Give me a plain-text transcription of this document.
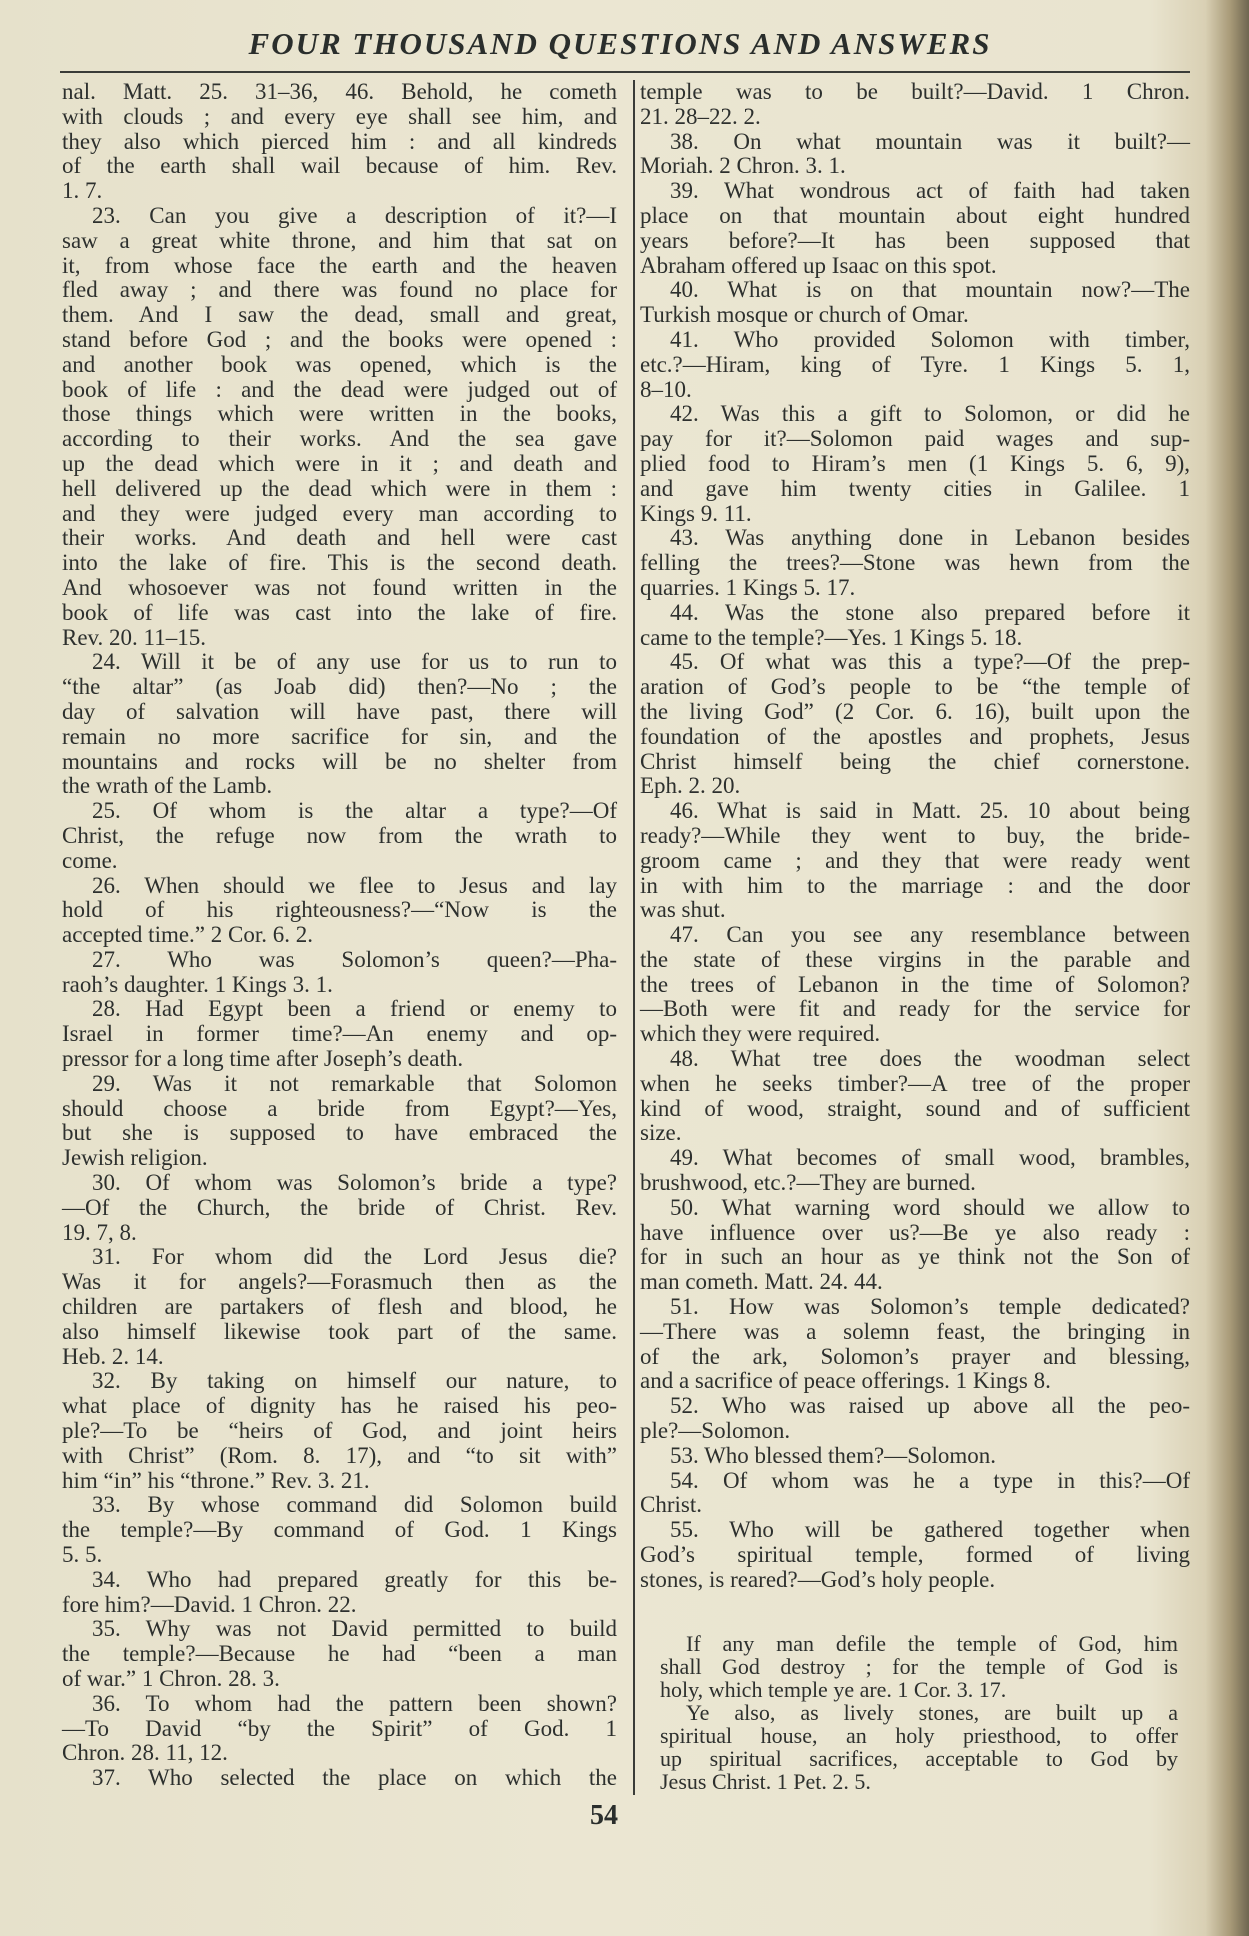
FOUR THOUSAND QUESTIONS AND ANSWERS
nal. Matt. 25. 31–36, 46. Behold, he cometh
with clouds ; and every eye shall see him, and
they also which pierced him : and all kindreds
of the earth shall wail because of him. Rev.
1. 7.
23. Can you give a description of it?—I
saw a great white throne, and him that sat on
it, from whose face the earth and the heaven
fled away ; and there was found no place for
them. And I saw the dead, small and great,
stand before God ; and the books were opened :
and another book was opened, which is the
book of life : and the dead were judged out of
those things which were written in the books,
according to their works. And the sea gave
up the dead which were in it ; and death and
hell delivered up the dead which were in them :
and they were judged every man according to
their works. And death and hell were cast
into the lake of fire. This is the second death.
And whosoever was not found written in the
book of life was cast into the lake of fire.
Rev. 20. 11–15.
24. Will it be of any use for us to run to
“the altar” (as Joab did) then?—No ; the
day of salvation will have past, there will
remain no more sacrifice for sin, and the
mountains and rocks will be no shelter from
the wrath of the Lamb.
25. Of whom is the altar a type?—Of
Christ, the refuge now from the wrath to
come.
26. When should we flee to Jesus and lay
hold of his righteousness?—“Now is the
accepted time.” 2 Cor. 6. 2.
27. Who was Solomon’s queen?—Pha-
raoh’s daughter. 1 Kings 3. 1.
28. Had Egypt been a friend or enemy to
Israel in former time?—An enemy and op-
pressor for a long time after Joseph’s death.
29. Was it not remarkable that Solomon
should choose a bride from Egypt?—Yes,
but she is supposed to have embraced the
Jewish religion.
30. Of whom was Solomon’s bride a type?
—Of the Church, the bride of Christ. Rev.
19. 7, 8.
31. For whom did the Lord Jesus die?
Was it for angels?—Forasmuch then as the
children are partakers of flesh and blood, he
also himself likewise took part of the same.
Heb. 2. 14.
32. By taking on himself our nature, to
what place of dignity has he raised his peo-
ple?—To be “heirs of God, and joint heirs
with Christ” (Rom. 8. 17), and “to sit with”
him “in” his “throne.” Rev. 3. 21.
33. By whose command did Solomon build
the temple?—By command of God. 1 Kings
5. 5.
34. Who had prepared greatly for this be-
fore him?—David. 1 Chron. 22.
35. Why was not David permitted to build
the temple?—Because he had “been a man
of war.” 1 Chron. 28. 3.
36. To whom had the pattern been shown?
—To David “by the Spirit” of God. 1
Chron. 28. 11, 12.
37. Who selected the place on which the
temple was to be built?—David. 1 Chron.
21. 28–22. 2.
38. On what mountain was it built?—
Moriah. 2 Chron. 3. 1.
39. What wondrous act of faith had taken
place on that mountain about eight hundred
years before?—It has been supposed that
Abraham offered up Isaac on this spot.
40. What is on that mountain now?—The
Turkish mosque or church of Omar.
41. Who provided Solomon with timber,
etc.?—Hiram, king of Tyre. 1 Kings 5. 1,
8–10.
42. Was this a gift to Solomon, or did he
pay for it?—Solomon paid wages and sup-
plied food to Hiram’s men (1 Kings 5. 6, 9),
and gave him twenty cities in Galilee. 1
Kings 9. 11.
43. Was anything done in Lebanon besides
felling the trees?—Stone was hewn from the
quarries. 1 Kings 5. 17.
44. Was the stone also prepared before it
came to the temple?—Yes. 1 Kings 5. 18.
45. Of what was this a type?—Of the prep-
aration of God’s people to be “the temple of
the living God” (2 Cor. 6. 16), built upon the
foundation of the apostles and prophets, Jesus
Christ himself being the chief cornerstone.
Eph. 2. 20.
46. What is said in Matt. 25. 10 about being
ready?—While they went to buy, the bride-
groom came ; and they that were ready went
in with him to the marriage : and the door
was shut.
47. Can you see any resemblance between
the state of these virgins in the parable and
the trees of Lebanon in the time of Solomon?
—Both were fit and ready for the service for
which they were required.
48. What tree does the woodman select
when he seeks timber?—A tree of the proper
kind of wood, straight, sound and of sufficient
size.
49. What becomes of small wood, brambles,
brushwood, etc.?—They are burned.
50. What warning word should we allow to
have influence over us?—Be ye also ready :
for in such an hour as ye think not the Son of
man cometh. Matt. 24. 44.
51. How was Solomon’s temple dedicated?
—There was a solemn feast, the bringing in
of the ark, Solomon’s prayer and blessing,
and a sacrifice of peace offerings. 1 Kings 8.
52. Who was raised up above all the peo-
ple?—Solomon.
53. Who blessed them?—Solomon.
54. Of whom was he a type in this?—Of
Christ.
55. Who will be gathered together when
God’s spiritual temple, formed of living
stones, is reared?—God’s holy people.
If any man defile the temple of God, him
shall God destroy ; for the temple of God is
holy, which temple ye are. 1 Cor. 3. 17.
Ye also, as lively stones, are built up a
spiritual house, an holy priesthood, to offer
up spiritual sacrifices, acceptable to God by
Jesus Christ. 1 Pet. 2. 5.
54
